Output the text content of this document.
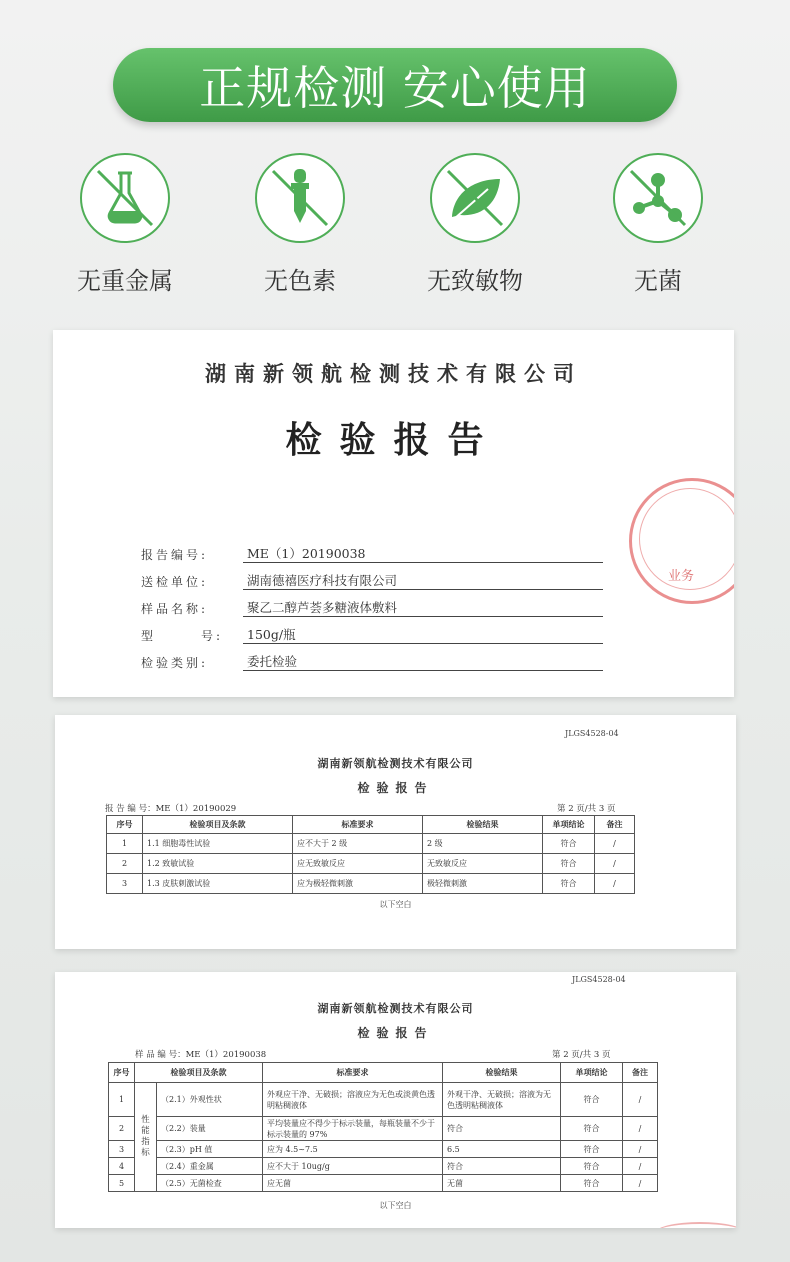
正规检测 安心使用
无重金属	无色素	无致敏物	无菌
湖南新领航检测技术有限公司
检验报告
报告编号:	ME（1）20190038
送检单位:	湖南德禧医疗科技有限公司
样品名称:	聚乙二醇芦荟多糖液体敷料
型　　　号:	150g/瓶
检验类别:	委托检验
业务
JLGS4528-04
湖南新领航检测技术有限公司
检验报告
报 告 编 号：ME（1）20190029	第 2 页/共 3 页
序号	检验项目及条款	标准要求	检验结果	单项结论	备注
1	1.1 细胞毒性试验	应不大于 2 级	2 级	符合	/
2	1.2 致敏试验	应无致敏反应	无致敏反应	符合	/
3	1.3 皮肤刺激试验	应为极轻微刺激	极轻微刺激	符合	/
以下空白
JLGS4528-04
湖南新领航检测技术有限公司
检验报告
样 品 编 号：ME（1）20190038	第 2 页/共 3 页
序号	检验项目及条款		标准要求	检验结果	单项结论	备注
1	性能指标	（2.1）外观性状	外观应干净、无破损；溶液应为无色或淡黄色透明粘稠液体	外观干净、无破损；溶液为无色透明粘稠液体	符合	/
2		（2.2）装量	平均装量应不得少于标示装量，每瓶装量不少于标示装量的 97%	符合	符合	/
3		（2.3）pH 值	应为 4.5~7.5	6.5	符合	/
4		（2.4）重金属	应不大于 10ug/g	符合	符合	/
5		（2.5）无菌检查	应无菌	无菌	符合	/
以下空白
